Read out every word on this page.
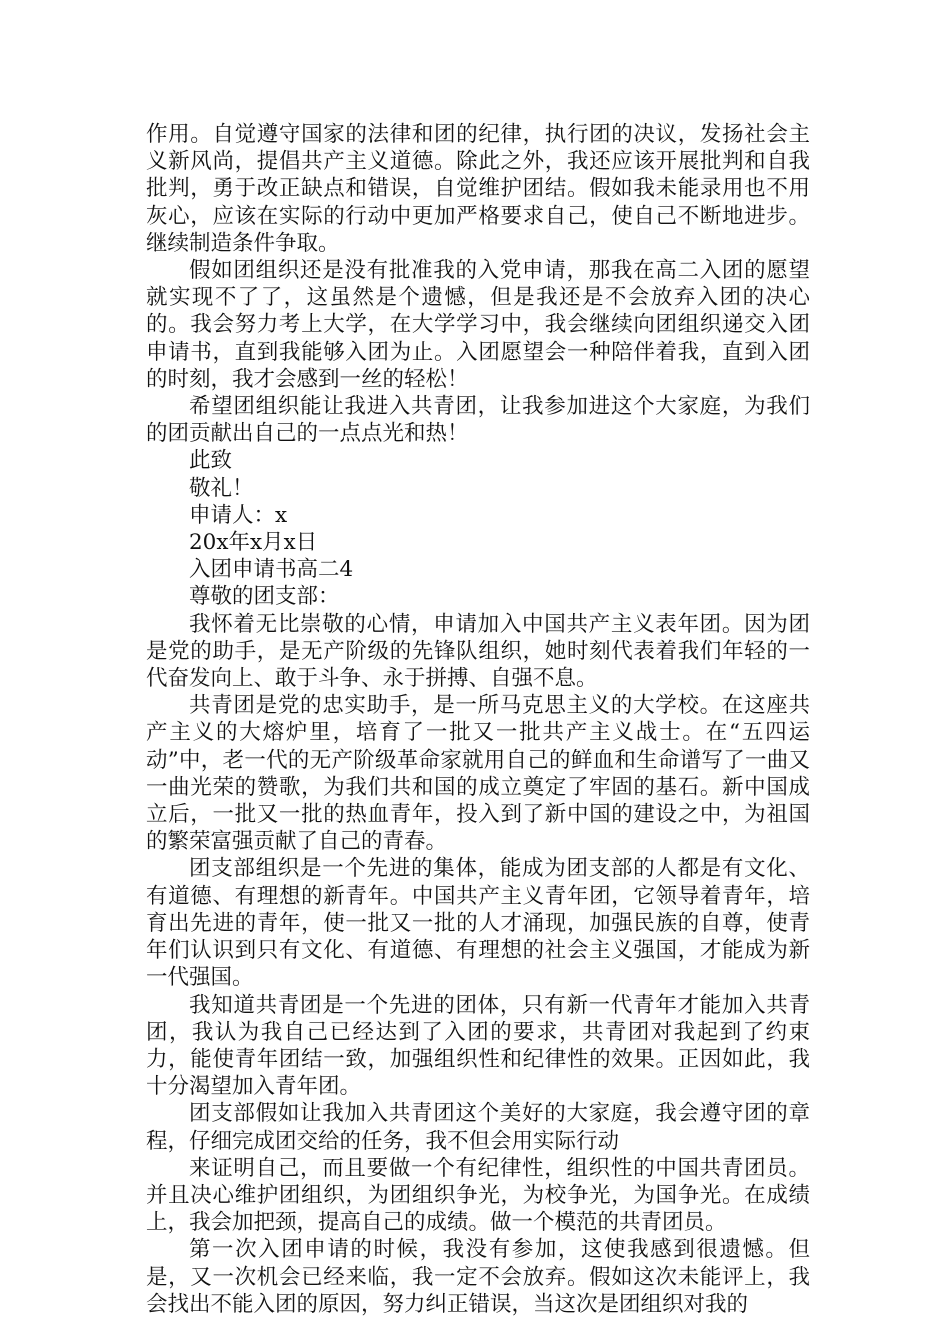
作用。自觉遵守国家的法律和团的纪律，执行团的决议，发扬社会主义新风尚，提倡共产主义道德。除此之外，我还应该开展批判和自我批判，勇于改正缺点和错误，自觉维护团结。假如我未能录用也不用灰心，应该在实际的行动中更加严格要求自己，使自己不断地进步。继续制造条件争取。

假如团组织还是没有批准我的入党申请，那我在高二入团的愿望就实现不了了，这虽然是个遗憾，但是我还是不会放弃入团的决心的。我会努力考上大学，在大学学习中，我会继续向团组织递交入团申请书，直到我能够入团为止。入团愿望会一种陪伴着我，直到入团的时刻，我才会感到一丝的轻松！

希望团组织能让我进入共青团，让我参加进这个大家庭，为我们的团贡献出自己的一点点光和热！

此致

敬礼！

申请人：x

20x年x月x日

入团申请书高二4

尊敬的团支部：

我怀着无比崇敬的心情，申请加入中国共产主义表年团。因为团是党的助手，是无产阶级的先锋队组织，她时刻代表着我们年轻的一代奋发向上、敢于斗争、永于拼搏、自强不息。

共青团是党的忠实助手，是一所马克思主义的大学校。在这座共产主义的大熔炉里，培育了一批又一批共产主义战士。在“五四运动”中，老一代的无产阶级革命家就用自己的鲜血和生命谱写了一曲又一曲光荣的赞歌，为我们共和国的成立奠定了牢固的基石。新中国成立后，一批又一批的热血青年，投入到了新中国的建设之中，为祖国的繁荣富强贡献了自己的青春。

团支部组织是一个先进的集体，能成为团支部的人都是有文化、有道德、有理想的新青年。中国共产主义青年团，它领导着青年，培育出先进的青年，使一批又一批的人才涌现，加强民族的自尊，使青年们认识到只有文化、有道德、有理想的社会主义强国，才能成为新一代强国。

我知道共青团是一个先进的团体，只有新一代青年才能加入共青团，我认为我自己已经达到了入团的要求，共青团对我起到了约束力，能使青年团结一致，加强组织性和纪律性的效果。正因如此，我十分渴望加入青年团。

团支部假如让我加入共青团这个美好的大家庭，我会遵守团的章程，仔细完成团交给的任务，我不但会用实际行动

来证明自己，而且要做一个有纪律性，组织性的中国共青团员。并且决心维护团组织，为团组织争光，为校争光，为国争光。在成绩上，我会加把颈，提高自己的成绩。做一个模范的共青团员。

第一次入团申请的时候，我没有参加，这使我感到很遗憾。但是，又一次机会已经来临，我一定不会放弃。假如这次未能评上，我会找出不能入团的原因，努力纠正错误，当这次是团组织对我的
